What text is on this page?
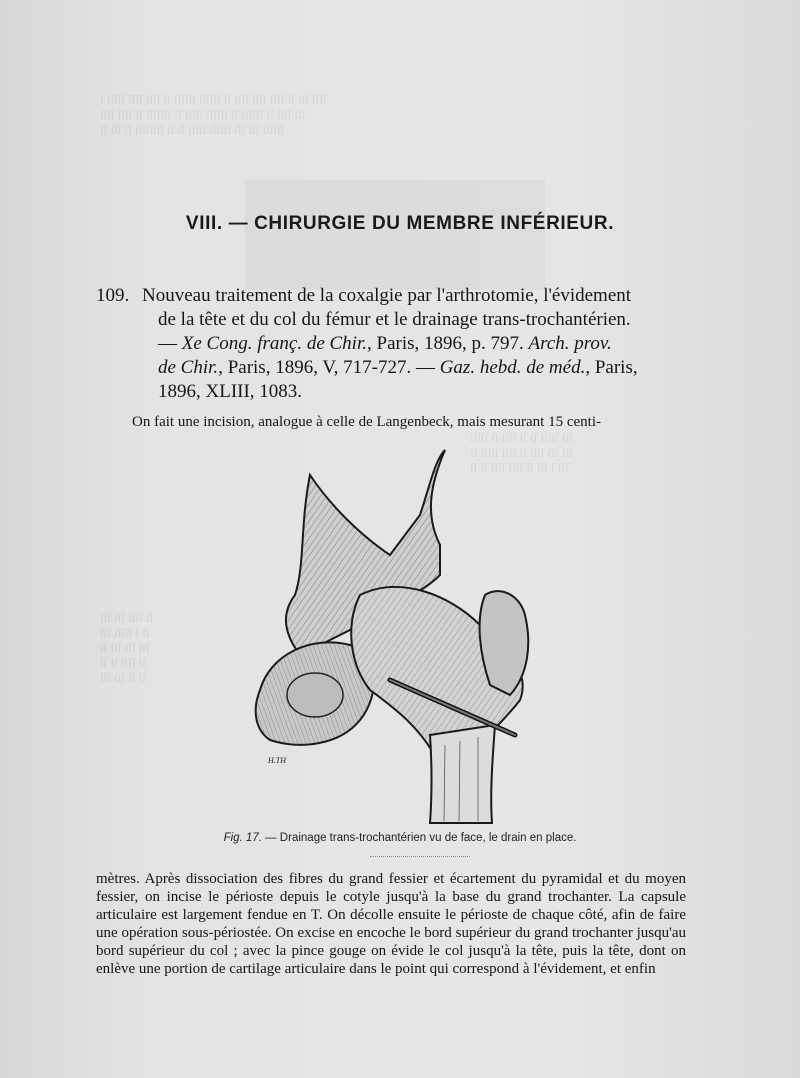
ſ ſſſſſ ſſſſ ſſſſ ſſ ſſſſſſ ſſſſſſ ſſ ſſſſ ſſſſ ſſſſ ſſ ſſſ ſſſſ
ſſſſ ſſſſ ſſ ſſſſſſſ ſſ ſſſſſ ſſſſſſ ſſ ſſſſſſ ſſ ſſſſ ſſſ
ſſ ſſſ ſſ ſſſſſſſſ ſſ ſſ ſſſſſ ſſſſſſ ſſſ ſſſ ſſſſſſ
ſſſſſ ſſ ſſſſ ſſ ſſ ſſſſſ ſſſ
ſſ ſſſſſ ſſſſ ſſ ſſſſ ſſſ ſſſ
ſſ ſſ ſſſſ ſſſſ ſſ ſſſ ſ ſſſ
ſſſ ſſſ ſſſſ ſſ
ſſſ ſſſſſ ſ ſſ
ſſ ſſſ ſſſ ſſſ
ſſ ſſ ſſſſ ſſ
ſſſ ſſſ ſſ ſſ
VIII. — CHIRURGIE DU MEMBRE INFÉRIEUR.
109. Nouveau traitement de la coxalgie par l'arthrotomie, l'évidement
de la tête et du col du fémur et le drainage trans-trochantérien.
— Xe Cong. franç. de Chir., Paris, 1896, p. 797. Arch. prov.
de Chir., Paris, 1896, V, 717-727. — Gaz. hebd. de méd., Paris,
1896, XLIII, 1083.
On fait une incision, analogue à celle de Langenbeck, mais mesurant 15 centi-
H.TH
Fig. 17. — Drainage trans-trochantérien vu de face, le drain en place.
mètres. Après dissociation des fibres du grand fessier et écartement du pyramidal et du moyen fessier, on incise le périoste depuis le cotyle jusqu'à la base du grand trochanter. La capsule articulaire est largement fendue en T. On décolle ensuite le périoste de chaque côté, afin de faire une opération sous-périostée. On excise en encoche le bord supérieur du grand trochanter jusqu'au bord supérieur du col ; avec la pince gouge on évide le col jusqu'à la tête, puis la tête, dont on enlève une portion de cartilage articulaire dans le point qui correspond à l'évidement, et enfin
